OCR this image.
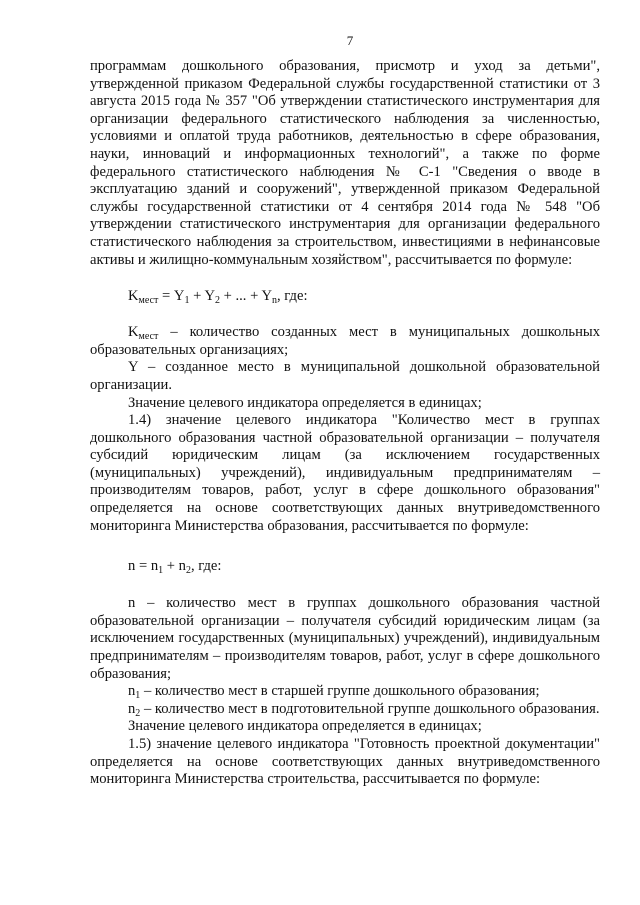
7

программам дошкольного образования, присмотр и уход за детьми", утвержденной приказом Федеральной службы государственной статистики от 3 августа 2015 года № 357 "Об утверждении статистического инструментария для организации федерального статистического наблюдения за численностью, условиями и оплатой труда работников, деятельностью в сфере образования, науки, инноваций и информационных технологий", а также по форме федерального статистического наблюдения № С-1 "Сведения о вводе в эксплуатацию зданий и сооружений", утвержденной приказом Федеральной службы государственной статистики от 4 сентября 2014 года № 548 "Об утверждении статистического инструментария для организации федерального статистического наблюдения за строительством, инвестициями в нефинансовые активы и жилищно-коммунальным хозяйством", рассчитывается по формуле:

$K_{мест} = Y_1 + Y_2$ + ... + $Y_n$, где:

$K_{мест}$ – количество созданных мест в муниципальных дошкольных образовательных организациях;

Y – созданное место в муниципальной дошкольной образовательной организации.

Значение целевого индикатора определяется в единицах;

1.4) значение целевого индикатора "Количество мест в группах дошкольного образования частной образовательной организации – получателя субсидий юридическим лицам (за исключением государственных (муниципальных) учреждений), индивидуальным предпринимателям – производителям товаров, работ, услуг в сфере дошкольного образования" определяется на основе соответствующих данных внутриведомственного мониторинга Министерства образования, рассчитывается по формуле:

$n = n_1 + n_2$, где:

n – количество мест в группах дошкольного образования частной образовательной организации – получателя субсидий юридическим лицам (за исключением государственных (муниципальных) учреждений), индивидуальным предпринимателям – производителям товаров, работ, услуг в сфере дошкольного образования;

$n_1$ – количество мест в старшей группе дошкольного образования;

$n_2$ – количество мест в подготовительной группе дошкольного образования.

Значение целевого индикатора определяется в единицах;

1.5) значение целевого индикатора "Готовность проектной документации" определяется на основе соответствующих данных внутриведомственного мониторинга Министерства строительства, рассчитывается по формуле:
